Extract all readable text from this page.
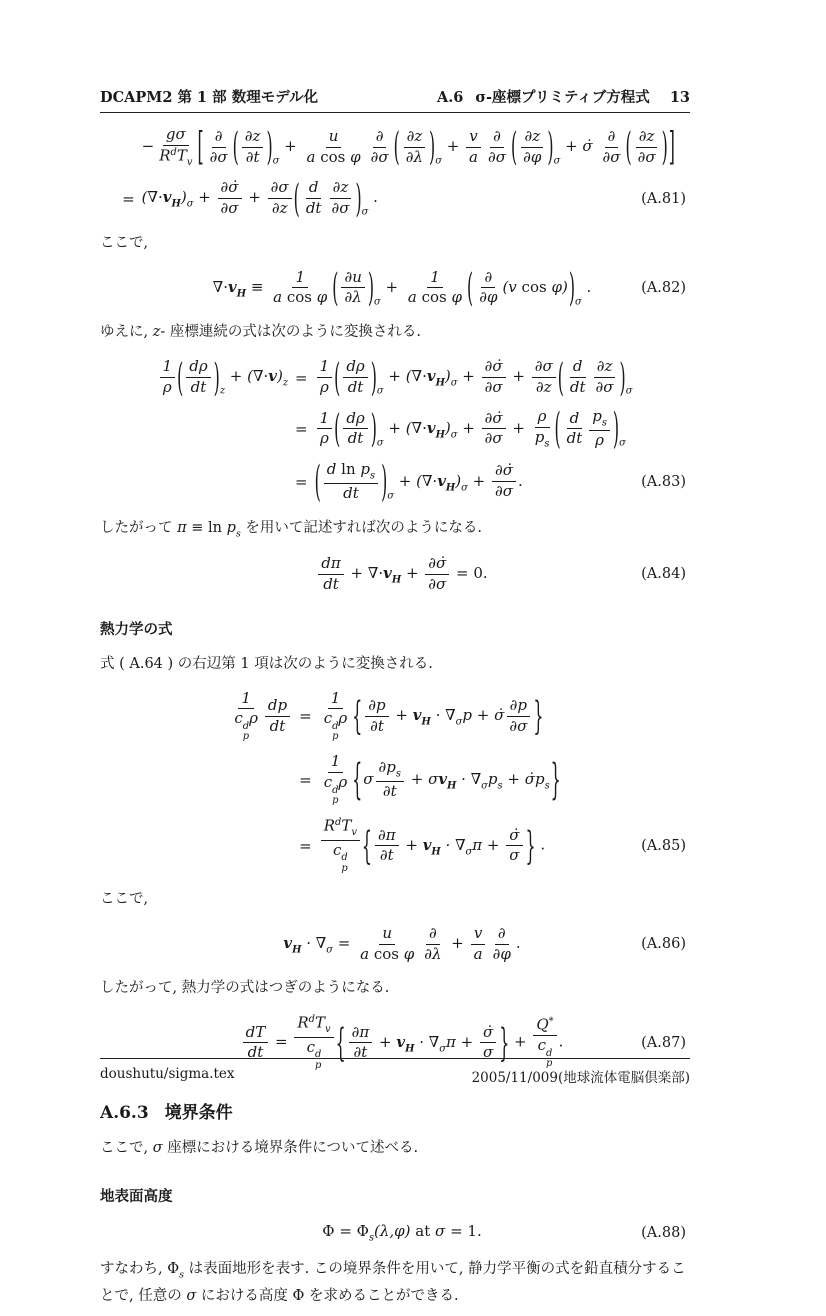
DCAPM2 第 1 部 数理モデル化	A.6 σ-座標プリミティブ方程式 13
−
gσ
$R^dT_v$ [ ∂
∂σ ( $\frac{\partial z}{\partial t}$ ) $_\sigma + \frac{u}{\text{a cos φ}}$ ∂
∂σ ( $\frac{\partial z}{\partial\lambda}$ ) $_\sigma + \frac{v}{a}$ ∂
∂σ ( $\frac{\partial z}{\partial\varphi}$ ) $_\sigma$ + σ̇
∂
∂σ ( $\frac{\partial z}{\partial\sigma}$ ) ]
= $(\nabla\cdot v_H)_\sigma + \frac{\partial\sigmȧ}{\partial\sigma} + \frac{\partial\sigma}{\partial z}$ ( $\frac{d}{dt} \frac{\partial z}{\partial\sigma}$ ) $_\sigma$ .	(A.81)

ここで,

$\nabla\cdot v_H \equiv \frac{1}{\text{a cos φ}}$ ( $\frac{\partial u}{\partial\lambda}$ ) $_\sigma + \frac{1}{\text{a cos φ}}$ ( ∂
∂φ
(v cos φ) ) $_\sigma$ .	(A.82)

ゆえに, z- 座標連続の式は次のように変換される.

$\frac{1}{\rho}$ ( $\frac{d\rho}{dt}$ ) $_z + (\nabla\cdot v)_z = \frac{1}{\rho}$ ( $\frac{d\rho}{dt}$ ) $_\sigma + (\nabla\cdot v_H)_\sigma + \frac{\partial\sigmȧ}{\partial\sigma} + \frac{\partial\sigma}{\partial z}$ ( $\frac{d}{dt} \frac{\partial z}{\partial\sigma}$ ) $_\sigma$
= $\frac{1}{\rho}$ ( $\frac{d\rho}{dt}$ ) $_\sigma + (\nabla\cdot v_H)_\sigma + \frac{\partial\sigmȧ}{\partial\sigma} + \frac{\rho}{p_s}$ ( $\frac{d}{dt} \frac{p_s}{\rho}$ ) $_\sigma$
= ( $\frac{d \ln p_s}{dt}$ ) $_\sigma + (\nabla\cdot v_H)_\sigma + \frac{\partial\sigmȧ}{\partial\sigma}$ .	(A.83)

したがって $\pi \equiv \ln p_s$ を用いて記述すれば次のようになる.

$\frac{d\pi}{dt} + \nabla\cdot v_H + \frac{\partial\sigmȧ}{\partial\sigma} = 0$.	(A.84)
熱力学の式

式 ( A.64 ) の右辺第 1 項は次のように変換される.

1
c d
p
ρ $\frac{dp}{dt}$ =
1
c d
p
ρ { $\frac{\partial p}{\partial t} + v_H \cdot \nabla_\sigma p$ + σ̇ $\frac{\partial p}{\partial\sigma}$ }
=
1
c d
p
ρ { σ $\frac{\partial p_s}{\partial t} + \sigma v_H \cdot \nabla_\sigma p_s$ + $\sigmȧp_s$ }
=
$R^dT_v$
c d
p
{ $\frac{\partial\pi}{\partial t} + v_H \cdot \nabla_\sigma\pi + \frac{\sigmȧ}{\sigma}$ } .	(A.85)

ここで,

$v_H \cdot \nabla_\sigma = \frac{u}{\text{a cos φ}}$ ∂
∂λ
+ $\frac{v}{a}$ ∂
∂φ
.	(A.86)

したがって, 熱力学の式はつぎのようになる.

$\frac{dT}{dt}$ =
$R^dT_v$
c d
p
{ $\frac{\partial\pi}{\partial t} + v_H \cdot \nabla_\sigma\pi + \frac{\sigmȧ}{\sigma}$ } +
Q*
c d
p
.	(A.87)
A.6.3 境界条件

ここで, σ 座標における境界条件について述べる.

地表面高度
$\Phi = \Phi_s(\lambda,\varphi)$ at σ = 1.	(A.88)

すなわち, $\Phi_s$ は表面地形を表す. この境界条件を用いて, 静力学平衡の式を鉛直積分することで, 任意の σ における高度 Φ を求めることができる.

doushutu/sigma.tex	2005/11/009(地球流体電脳倶楽部)
